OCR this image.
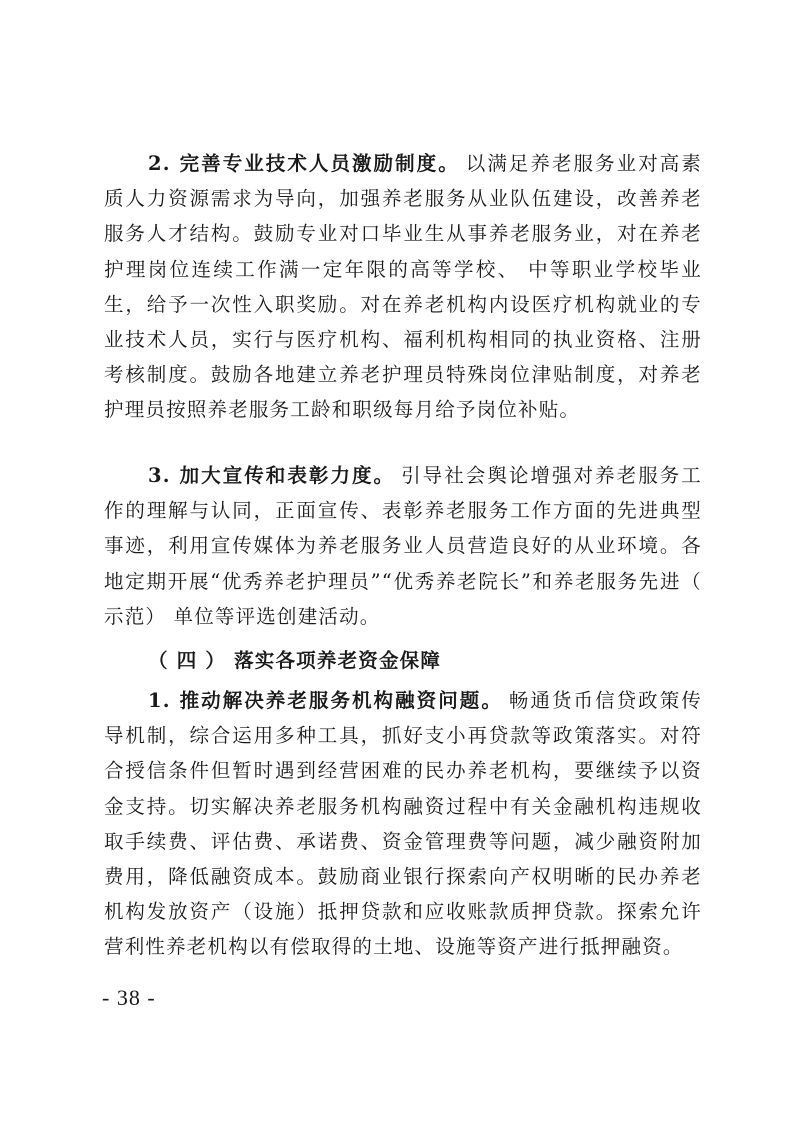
2. 完善专业技术人员激励制度。 以满足养老服务业对高素质人力资源需求为导向，加强养老服务从业队伍建设，改善养老服务人才结构。鼓励专业对口毕业生从事养老服务业，对在养老护理岗位连续工作满一定年限的高等学校、 中等职业学校毕业生，给予一次性入职奖励。对在养老机构内设医疗机构就业的专业技术人员，实行与医疗机构、福利机构相同的执业资格、注册考核制度。鼓励各地建立养老护理员特殊岗位津贴制度，对养老护理员按照养老服务工龄和职级每月给予岗位补贴。

3. 加大宣传和表彰力度。 引导社会舆论增强对养老服务工作的理解与认同，正面宣传、表彰养老服务工作方面的先进典型事迹，利用宣传媒体为养老服务业人员营造良好的从业环境。各地定期开展“优秀养老护理员”“优秀养老院长”和养老服务先进（ 示范） 单位等评选创建活动。

（ 四 ） 落实各项养老资金保障

1. 推动解决养老服务机构融资问题。 畅通货币信贷政策传导机制，综合运用多种工具，抓好支小再贷款等政策落实。对符合授信条件但暂时遇到经营困难的民办养老机构，要继续予以资金支持。切实解决养老服务机构融资过程中有关金融机构违规收取手续费、评估费、承诺费、资金管理费等问题，减少融资附加费用，降低融资成本。鼓励商业银行探索向产权明晰的民办养老机构发放资产（设施）抵押贷款和应收账款质押贷款。探索允许营利性养老机构以有偿取得的土地、设施等资产进行抵押融资。

- 38 -
